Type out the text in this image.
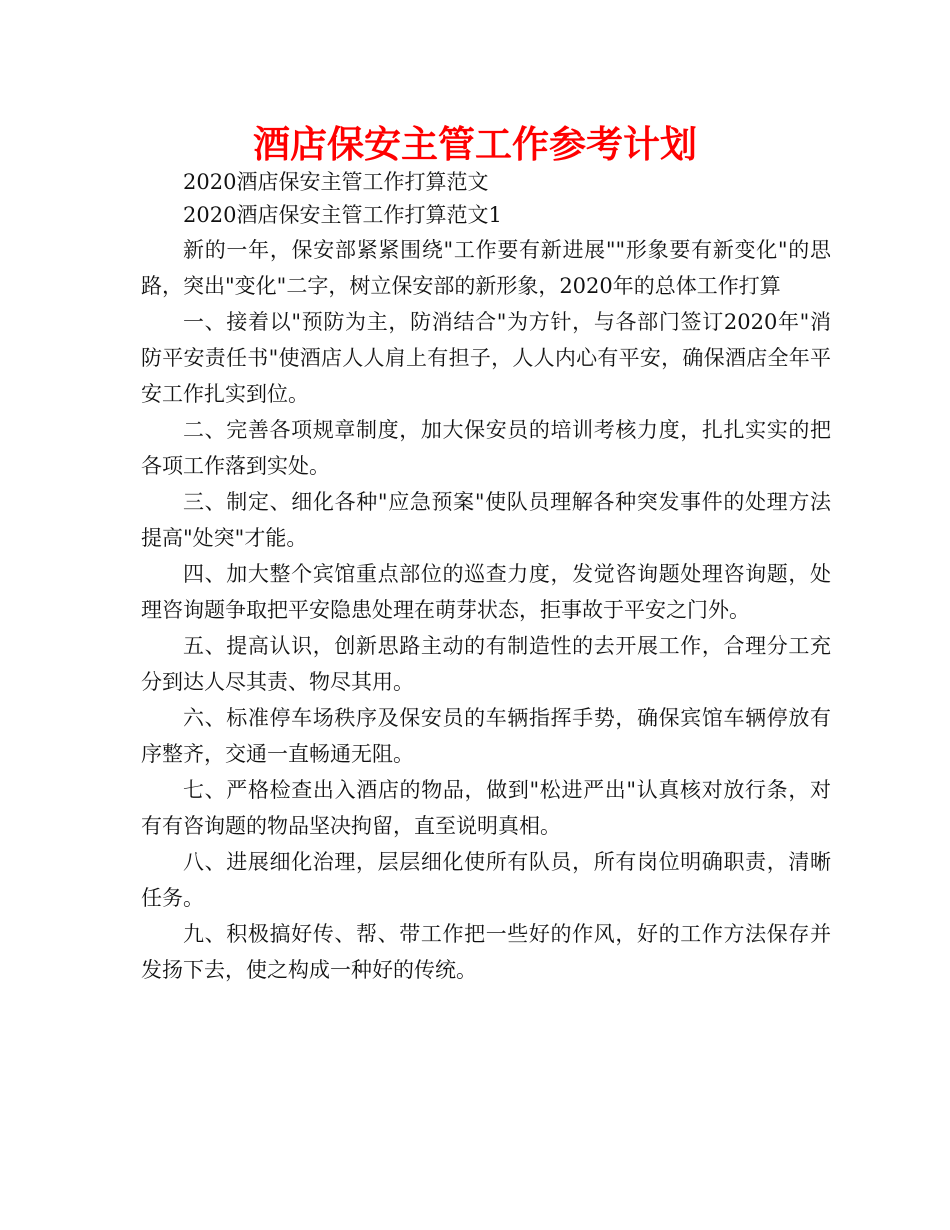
酒店保安主管工作参考计划

2020酒店保安主管工作打算范文

2020酒店保安主管工作打算范文1

新的一年，保安部紧紧围绕"工作要有新进展""形象要有新变化"的思路，突出"变化"二字，树立保安部的新形象，2020年的总体工作打算

一、接着以"预防为主，防消结合"为方针，与各部门签订2020年"消防平安责任书"使酒店人人肩上有担子，人人内心有平安，确保酒店全年平安工作扎实到位。

二、完善各项规章制度，加大保安员的培训考核力度，扎扎实实的把各项工作落到实处。

三、制定、细化各种"应急预案"使队员理解各种突发事件的处理方法提高"处突"才能。

四、加大整个宾馆重点部位的巡查力度，发觉咨询题处理咨询题，处理咨询题争取把平安隐患处理在萌芽状态，拒事故于平安之门外。

五、提高认识，创新思路主动的有制造性的去开展工作，合理分工充分到达人尽其责、物尽其用。

六、标准停车场秩序及保安员的车辆指挥手势，确保宾馆车辆停放有序整齐，交通一直畅通无阻。

七、严格检查出入酒店的物品，做到"松进严出"认真核对放行条，对有有咨询题的物品坚决拘留，直至说明真相。

八、进展细化治理，层层细化使所有队员，所有岗位明确职责，清晰任务。

九、积极搞好传、帮、带工作把一些好的作风，好的工作方法保存并发扬下去，使之构成一种好的传统。
